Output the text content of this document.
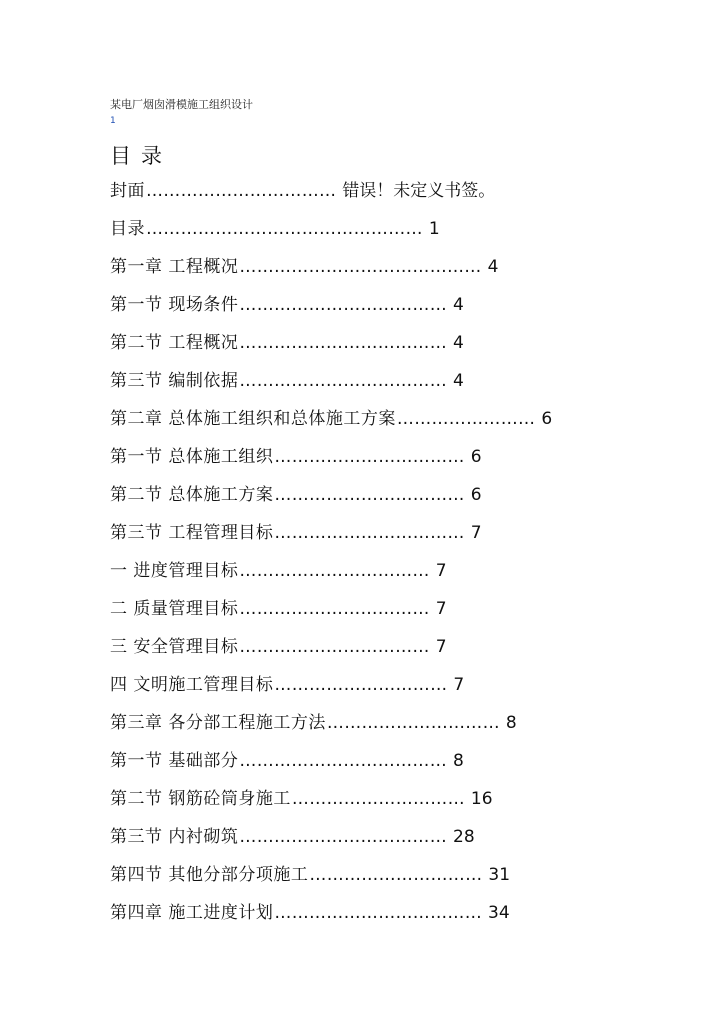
某电厂烟囱滑模施工组织设计
1
目录
封面 …………………………… 错误！未定义书签。
目录 ………………………………………… 1
第一章 工程概况 …………………………………… 4
第一节 现场条件 ……………………………… 4
第二节 工程概况 ……………………………… 4
第三节 编制依据 ……………………………… 4
第二章 总体施工组织和总体施工方案 …………………… 6
第一节 总体施工组织 …………………………… 6
第二节 总体施工方案 …………………………… 6
第三节 工程管理目标 …………………………… 7
一 进度管理目标 …………………………… 7
二 质量管理目标 …………………………… 7
三 安全管理目标 …………………………… 7
四 文明施工管理目标 ………………………… 7
第三章 各分部工程施工方法 ………………………… 8
第一节 基础部分 ……………………………… 8
第二节 钢筋砼筒身施工 ………………………… 16
第三节 内衬砌筑 ……………………………… 28
第四节 其他分部分项施工 ………………………… 31
第四章 施工进度计划 ……………………………… 34
